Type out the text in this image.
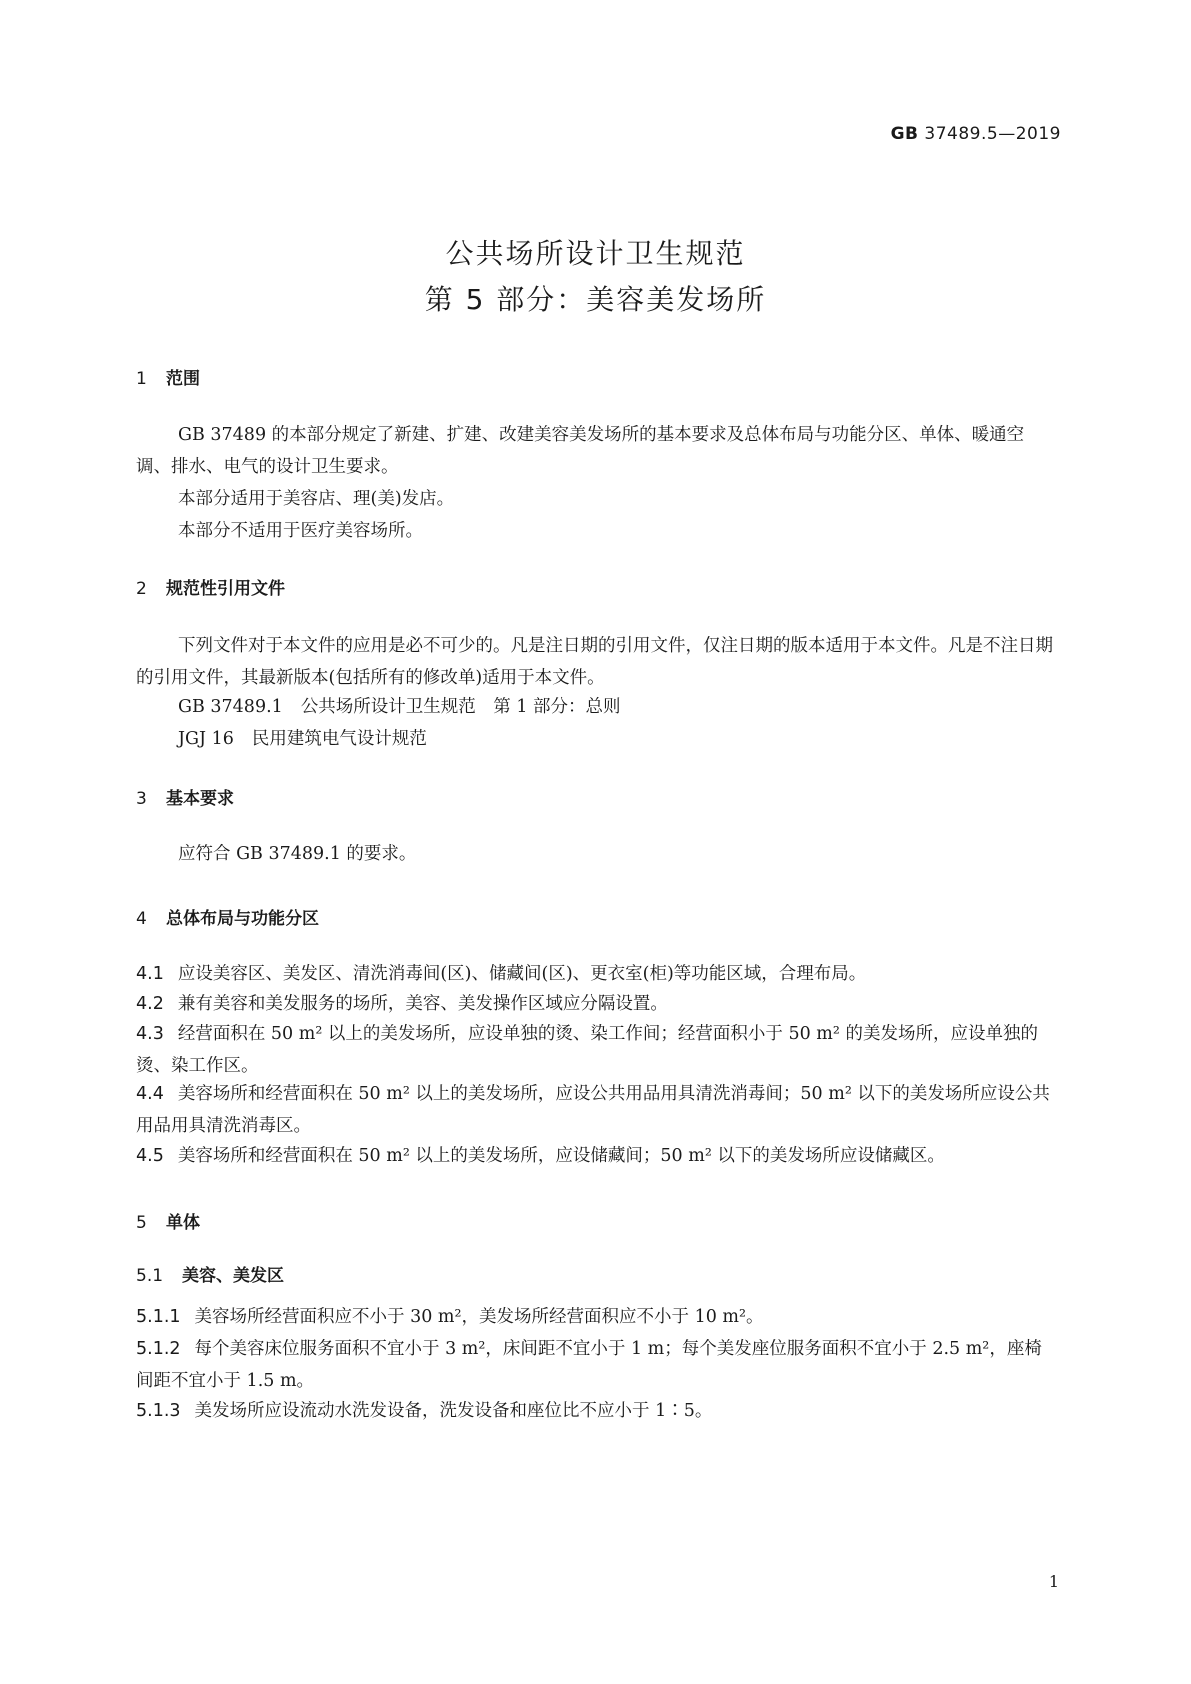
GB 37489.5—2019
公共场所设计卫生规范
第 5 部分：美容美发场所
1 范围
GB 37489 的本部分规定了新建、扩建、改建美容美发场所的基本要求及总体布局与功能分区、单体、暖通空调、排水、电气的设计卫生要求。
本部分适用于美容店、理(美)发店。
本部分不适用于医疗美容场所。
2 规范性引用文件
下列文件对于本文件的应用是必不可少的。凡是注日期的引用文件，仅注日期的版本适用于本文件。凡是不注日期的引用文件，其最新版本(包括所有的修改单)适用于本文件。
GB 37489.1 公共场所设计卫生规范　第 1 部分：总则
JGJ 16 民用建筑电气设计规范
3 基本要求
应符合 GB 37489.1 的要求。
4 总体布局与功能分区
4.1 应设美容区、美发区、清洗消毒间(区)、储藏间(区)、更衣室(柜)等功能区域，合理布局。
4.2 兼有美容和美发服务的场所，美容、美发操作区域应分隔设置。
4.3 经营面积在 50 m² 以上的美发场所，应设单独的烫、染工作间；经营面积小于 50 m² 的美发场所，应设单独的烫、染工作区。
4.4 美容场所和经营面积在 50 m² 以上的美发场所，应设公共用品用具清洗消毒间；50 m² 以下的美发场所应设公共用品用具清洗消毒区。
4.5 美容场所和经营面积在 50 m² 以上的美发场所，应设储藏间；50 m² 以下的美发场所应设储藏区。
5 单体
5.1 美容、美发区
5.1.1 美容场所经营面积应不小于 30 m²，美发场所经营面积应不小于 10 m²。
5.1.2 每个美容床位服务面积不宜小于 3 m²，床间距不宜小于 1 m；每个美发座位服务面积不宜小于 2.5 m²，座椅间距不宜小于 1.5 m。
5.1.3 美发场所应设流动水洗发设备，洗发设备和座位比不应小于 1∶5。
1
